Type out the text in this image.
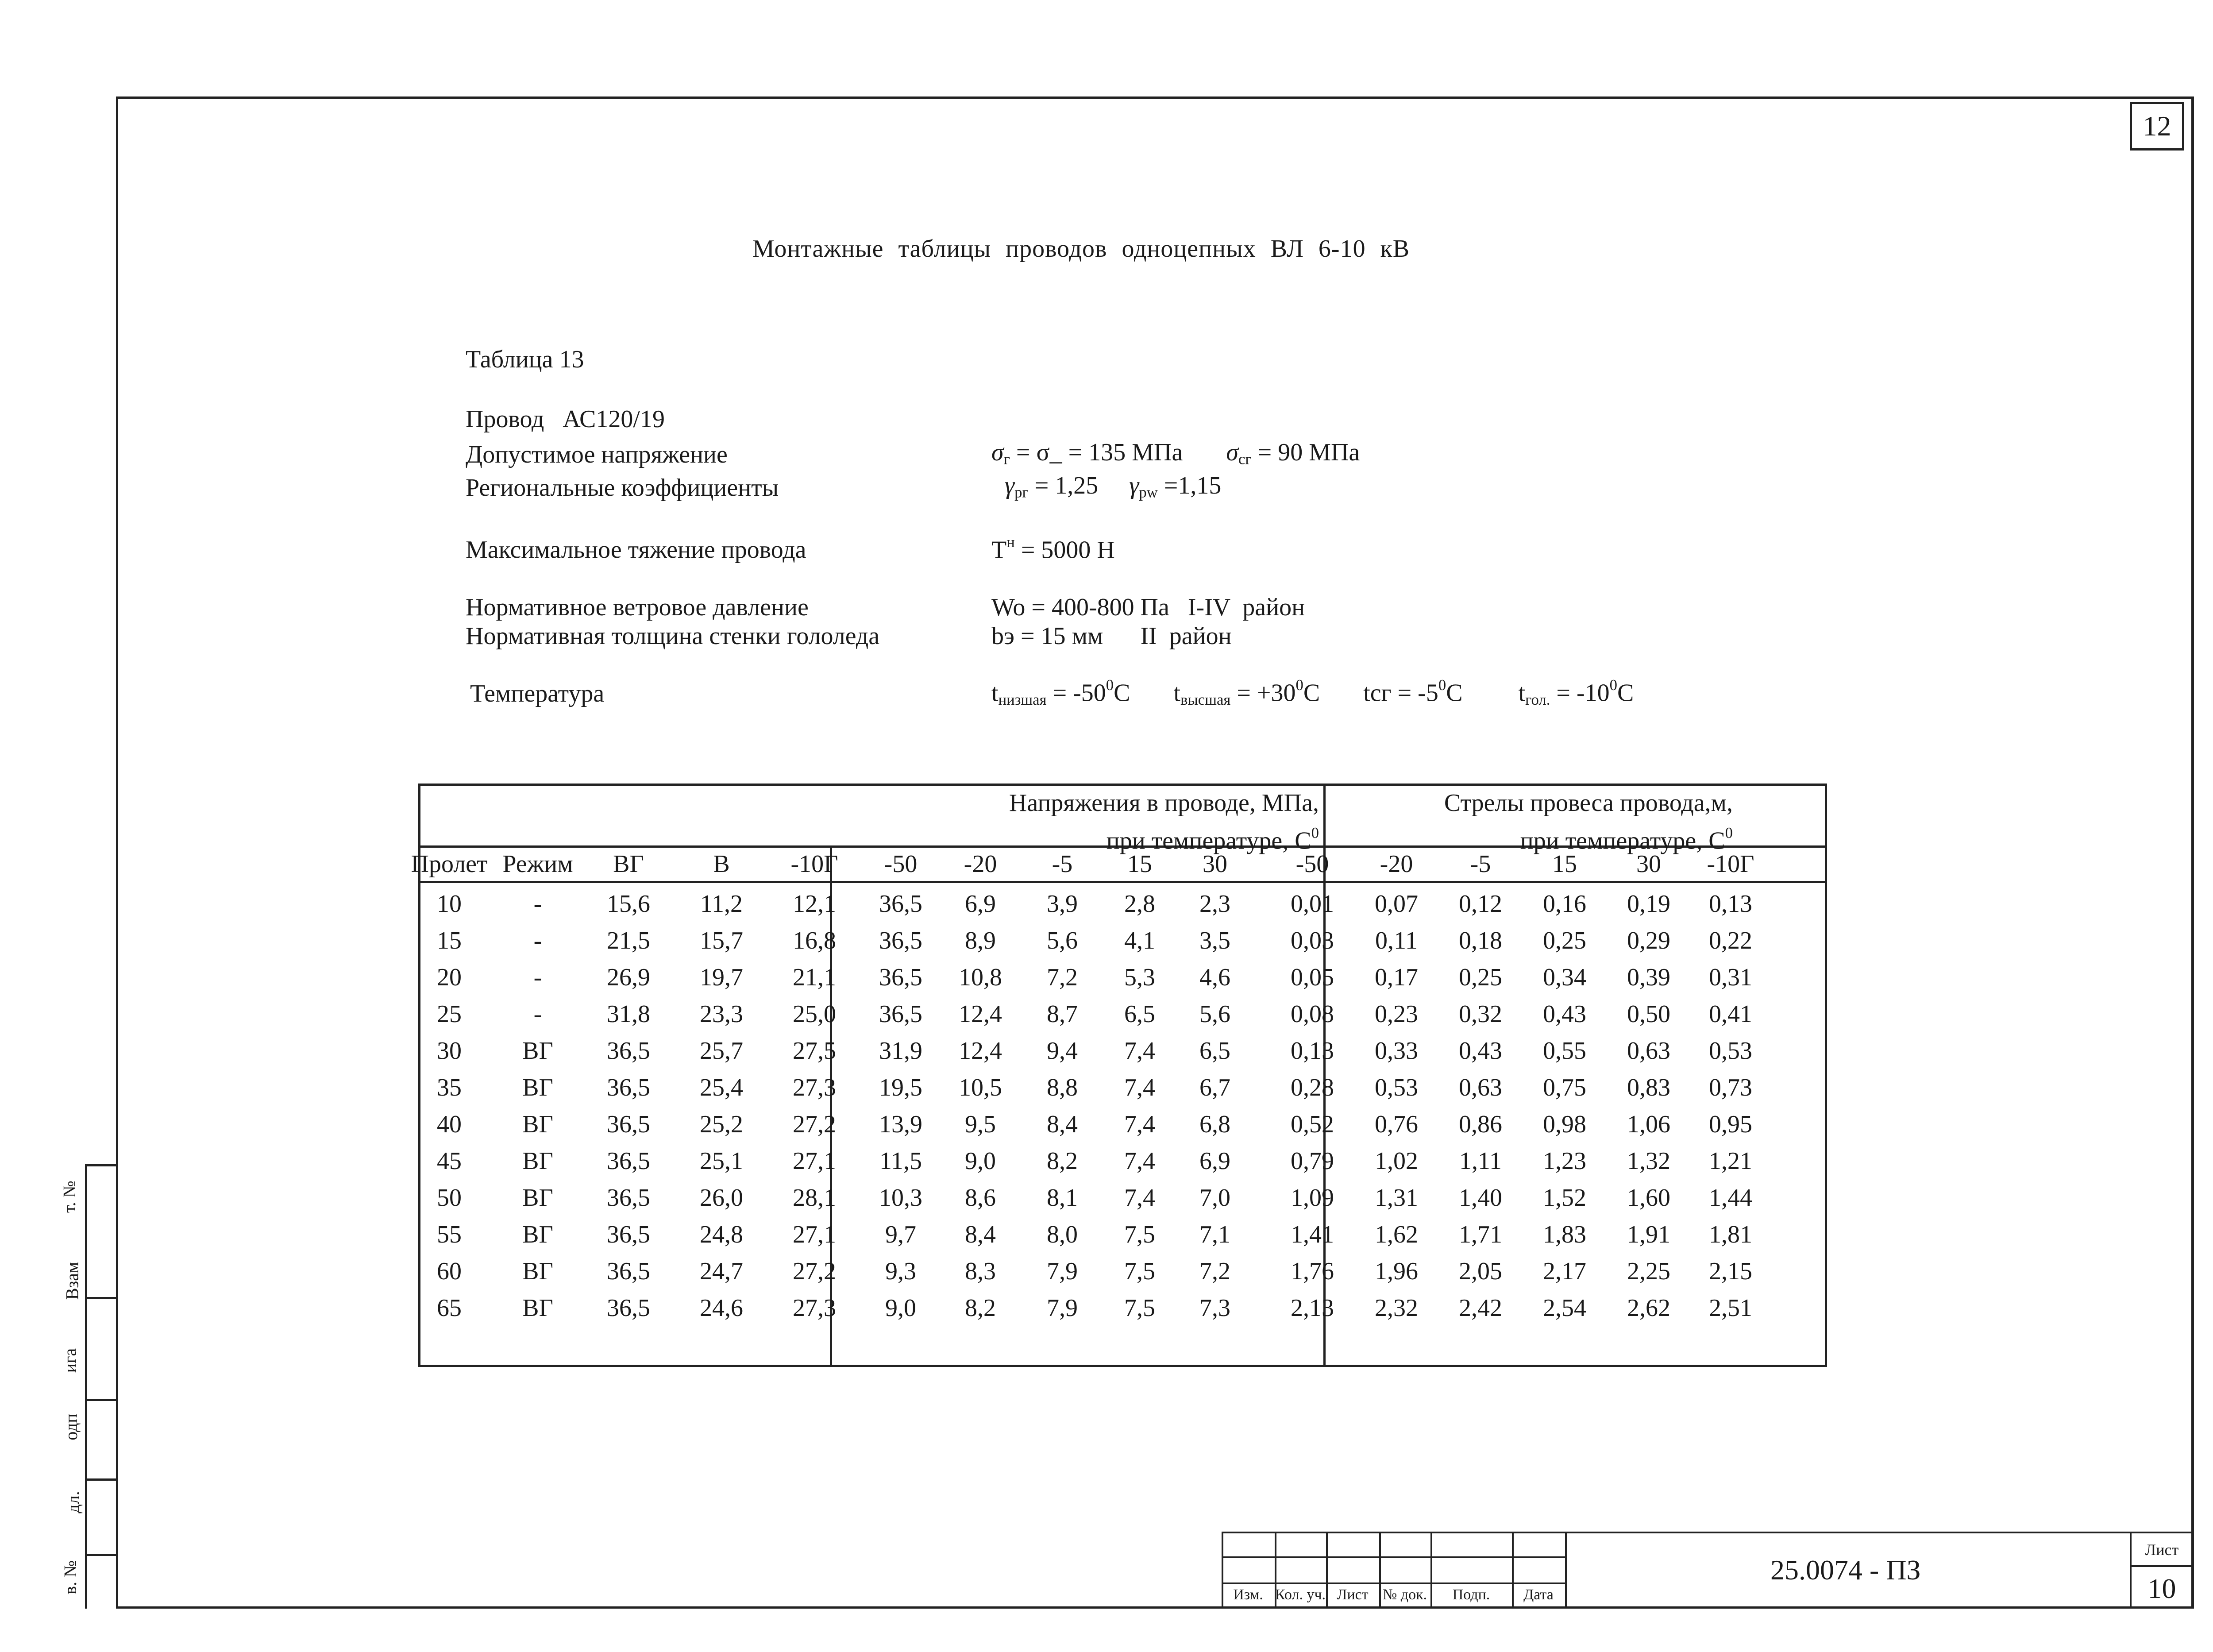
т. №
Взам
ига
одп
дл.
в. №
12
Монтажные таблицы проводов одноцепных ВЛ 6-10 кВ
Таблица 13
Провод АС120/19
Допустимое напряжение	$\sigma_г$ = σ_ = 135 МПа $\sigma_{сг} = 90$ МПа
Региональные коэффициенты	$\gamma_{рг} = 1,25$ $\gamma_{pw} =1,15$
Максимальное тяжение провода	$Т^н = 5000$ Н
Нормативное ветровое давление	Wo = 400-800 Па   I-IV  район
Нормативная толщина стенки гололеда	bэ = 15 мм      II  район
Температура	$t_{низшая} = -50^0С$ $t_{высшая} = +30^0С$ tсг = $-5^0С$ $t_{гол.} = -10^0С$
Напряжения в проводе, МПа,
при температуре, $С^0$
Стрелы провеса провода,м,
при температуре, $С^0$
Пролет Режим	ВГ	В	-10Г	-50	-20	-5	15	30	-50	-20	-5	15	30	-10Г
10	-	15,6	11,2	12,1	36,5	6,9	3,9	2,8	2,3	0,01	0,07	0,12	0,16	0,19	0,13
15	-	21,5	15,7	16,8	36,5	8,9	5,6	4,1	3,5	0,03	0,11	0,18	0,25	0,29	0,22
20	-	26,9	19,7	21,1	36,5	10,8	7,2	5,3	4,6	0,05	0,17	0,25	0,34	0,39	0,31
25	-	31,8	23,3	25,0	36,5	12,4	8,7	6,5	5,6	0,08	0,23	0,32	0,43	0,50	0,41
30	ВГ	36,5	25,7	27,5	31,9	12,4	9,4	7,4	6,5	0,13	0,33	0,43	0,55	0,63	0,53
35	ВГ	36,5	25,4	27,3	19,5	10,5	8,8	7,4	6,7	0,28	0,53	0,63	0,75	0,83	0,73
40	ВГ	36,5	25,2	27,2	13,9	9,5	8,4	7,4	6,8	0,52	0,76	0,86	0,98	1,06	0,95
45	ВГ	36,5	25,1	27,1	11,5	9,0	8,2	7,4	6,9	0,79	1,02	1,11	1,23	1,32	1,21
50	ВГ	36,5	26,0	28,1	10,3	8,6	8,1	7,4	7,0	1,09	1,31	1,40	1,52	1,60	1,44
55	ВГ	36,5	24,8	27,1	9,7	8,4	8,0	7,5	7,1	1,41	1,62	1,71	1,83	1,91	1,81
60	ВГ	36,5	24,7	27,2	9,3	8,3	7,9	7,5	7,2	1,76	1,96	2,05	2,17	2,25	2,15
65	ВГ	36,5	24,6	27,3	9,0	8,2	7,9	7,5	7,3	2,13	2,32	2,42	2,54	2,62	2,51
Изм. Кол. уч. Лист № док.	Подп.	Дата
25.0074 - ПЗ
Лист
10
